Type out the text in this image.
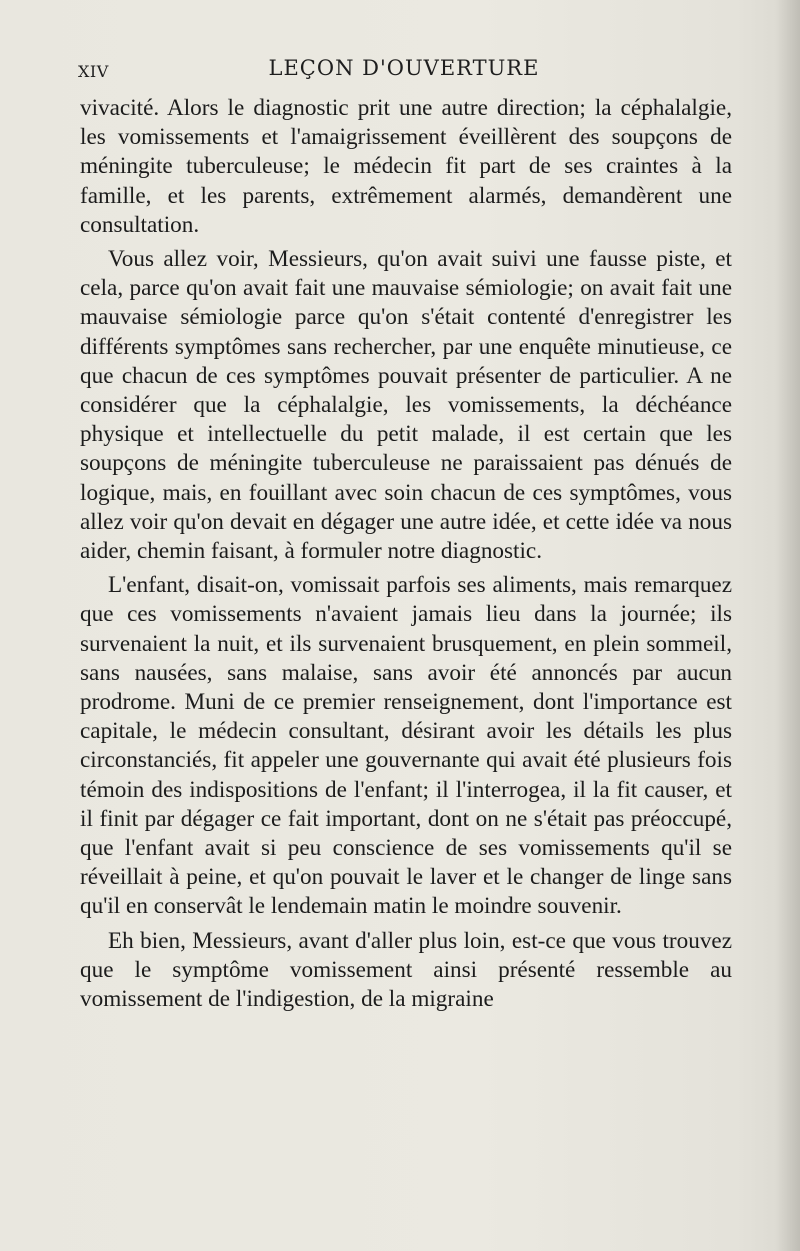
XIV	LEÇON D'OUVERTURE

vivacité. Alors le diagnostic prit une autre direction; la céphalalgie, les vomissements et l'amaigrissement éveillèrent des soupçons de méningite tuberculeuse; le médecin fit part de ses craintes à la famille, et les parents, extrêmement alarmés, demandèrent une consultation.

Vous allez voir, Messieurs, qu'on avait suivi une fausse piste, et cela, parce qu'on avait fait une mauvaise sémiologie; on avait fait une mauvaise sémiologie parce qu'on s'était contenté d'enregistrer les différents symptômes sans rechercher, par une enquête minutieuse, ce que chacun de ces symptômes pouvait présenter de particulier. A ne considérer que la céphalalgie, les vomissements, la déchéance physique et intellectuelle du petit malade, il est certain que les soupçons de méningite tuberculeuse ne paraissaient pas dénués de logique, mais, en fouillant avec soin chacun de ces symptômes, vous allez voir qu'on devait en dégager une autre idée, et cette idée va nous aider, chemin faisant, à formuler notre diagnostic.

L'enfant, disait-on, vomissait parfois ses aliments, mais remarquez que ces vomissements n'avaient jamais lieu dans la journée; ils survenaient la nuit, et ils survenaient brusquement, en plein sommeil, sans nausées, sans malaise, sans avoir été annoncés par aucun prodrome. Muni de ce premier renseignement, dont l'importance est capitale, le médecin consultant, désirant avoir les détails les plus circonstanciés, fit appeler une gouvernante qui avait été plusieurs fois témoin des indispositions de l'enfant; il l'interrogea, il la fit causer, et il finit par dégager ce fait important, dont on ne s'était pas préoccupé, que l'enfant avait si peu conscience de ses vomissements qu'il se réveillait à peine, et qu'on pouvait le laver et le changer de linge sans qu'il en conservât le lendemain matin le moindre souvenir.

Eh bien, Messieurs, avant d'aller plus loin, est-ce que vous trouvez que le symptôme vomissement ainsi présenté ressemble au vomissement de l'indigestion, de la migraine
